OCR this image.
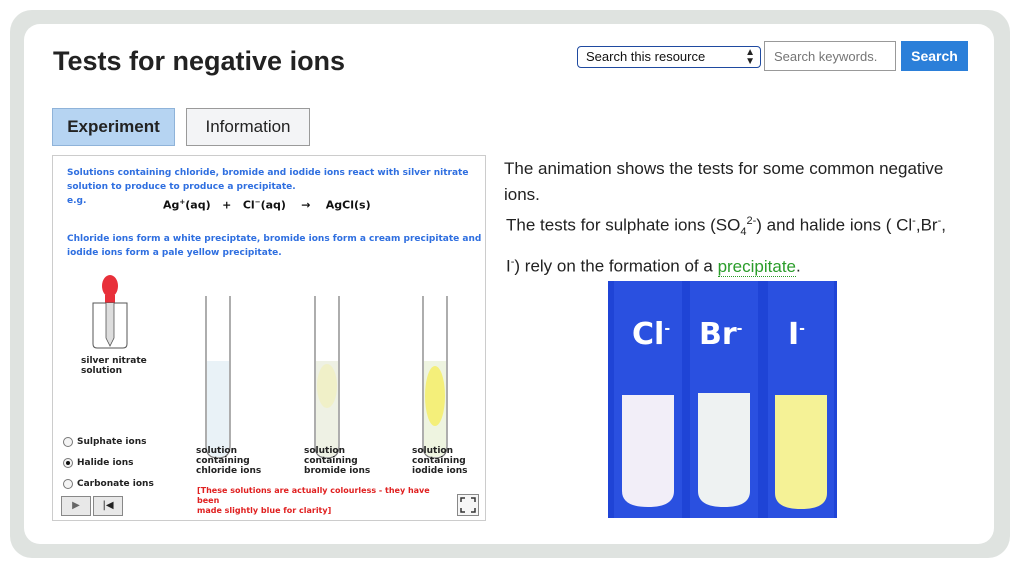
Tests for negative ions	Search this resource	▲
▼
Search keywords.	Search
Experiment	Information
Solutions containing chloride, bromide and iodide ions react with silver nitrate
solution to produce to produce a precipitate.
e.g.	Ag+(aq) + Cl−(aq) → AgCl(s)
Chloride ions form a white preciptate, bromide ions form a cream precipitate and
iodide ions form a pale yellow precipitate.
silver nitrate
solution
solution
containing
chloride ions
solution
containing
bromide ions
solution
containing
iodide ions
Sulphate ions
Halide ions
Carbonate ions
[These solutions are actually colourless - they have been
made slightly blue for clarity]
▶	|◀

The animation shows the tests for some common negative ions.

The tests for sulphate ions $(SO_4^{2-})$ and halide ions ( Cl-,Br-,

I-) rely on the formation of a precipitate.

Cl- Br- I-
